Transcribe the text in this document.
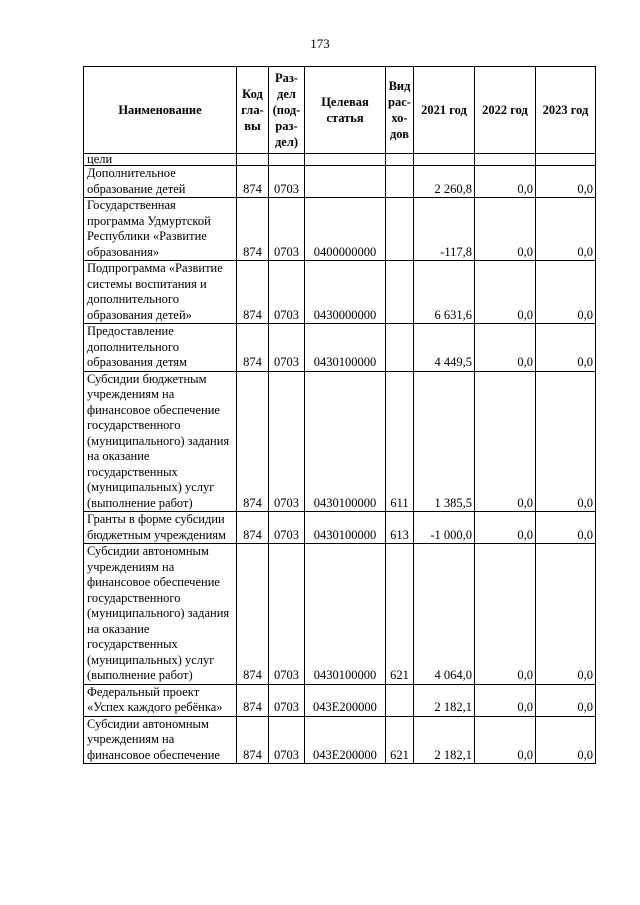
173
Наименование	Код гла-вы	Раз-дел (под-раз-дел)	Целевая статья	Вид рас-хо-дов	2021 год	2022 год	2023 год
цели							
Дополнительное образование детей	874	0703			2 260,8	0,0	0,0
Государственная программа Удмуртской Республики «Развитие образования»	874	0703	0400000000		-117,8	0,0	0,0
Подпрограмма «Развитие системы воспитания и дополнительного образования детей»	874	0703	0430000000		6 631,6	0,0	0,0
Предоставление дополнительного образования детям	874	0703	0430100000		4 449,5	0,0	0,0
Субсидии бюджетным учреждениям на финансовое обеспечение государственного (муниципального) задания на оказание государственных (муниципальных) услуг (выполнение работ)	874	0703	0430100000	611	1 385,5	0,0	0,0
Гранты в форме субсидии бюджетным учреждениям	874	0703	0430100000	613	-1 000,0	0,0	0,0
Субсидии автономным учреждениям на финансовое обеспечение государственного (муниципального) задания на оказание государственных (муниципальных) услуг (выполнение работ)	874	0703	0430100000	621	4 064,0	0,0	0,0
Федеральный проект «Успех каждого ребёнка»	874	0703	043E200000		2 182,1	0,0	0,0
Субсидии автономным учреждениям на финансовое обеспечение	874	0703	043E200000	621	2 182,1	0,0	0,0
